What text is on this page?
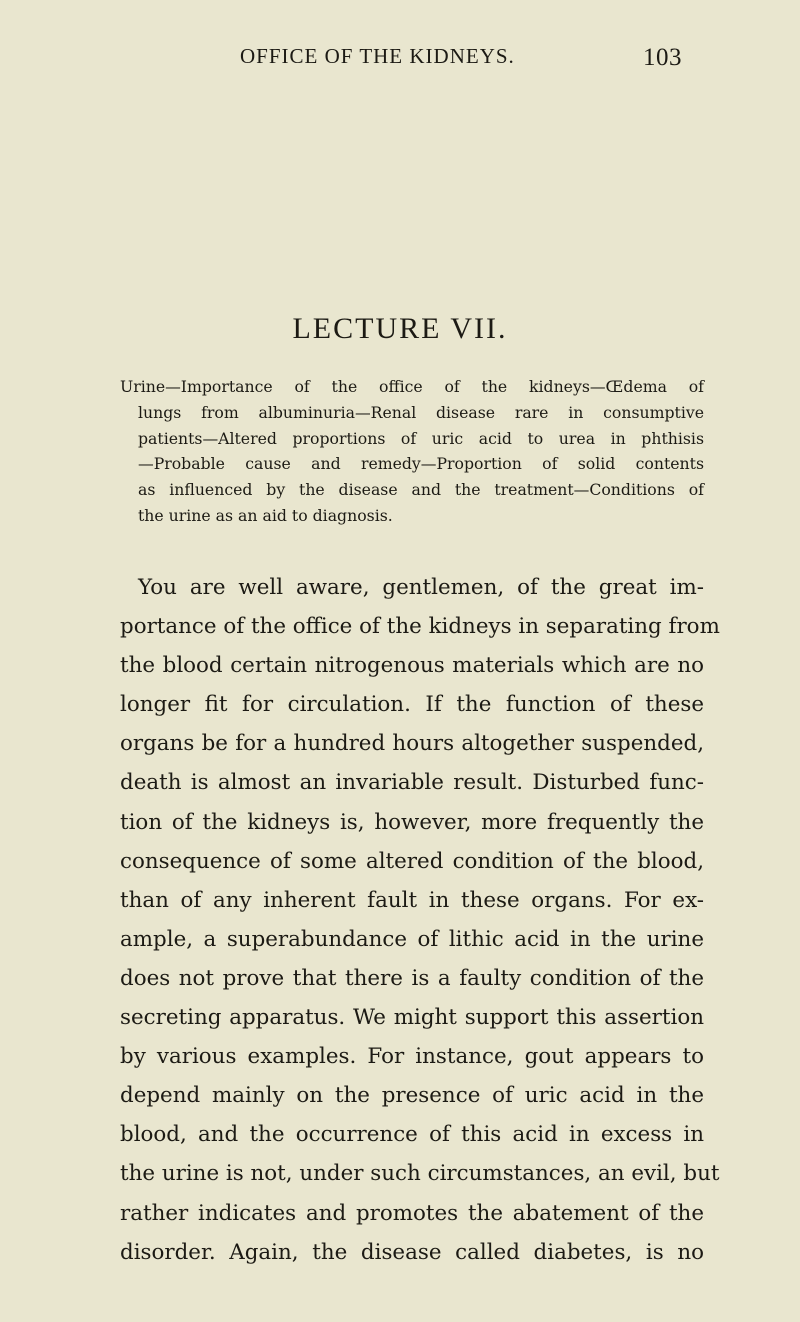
OFFICE OF THE KIDNEYS.	103
LECTURE VII.
Urine—Importance of the office of the kidneys—Œdema of
lungs from albuminuria—Renal disease rare in consumptive
patients—Altered proportions of uric acid to urea in phthisis
—Probable cause and remedy—Proportion of solid contents
as influenced by the disease and the treatment—Conditions of
the urine as an aid to diagnosis.
You are well aware, gentlemen, of the great im-
portance of the office of the kidneys in separating from
the blood certain nitrogenous materials which are no
longer fit for circulation. If the function of these
organs be for a hundred hours altogether suspended,
death is almost an invariable result. Disturbed func-
tion of the kidneys is, however, more frequently the
consequence of some altered condition of the blood,
than of any inherent fault in these organs. For ex-
ample, a superabundance of lithic acid in the urine
does not prove that there is a faulty condition of the
secreting apparatus. We might support this assertion
by various examples. For instance, gout appears to
depend mainly on the presence of uric acid in the
blood, and the occurrence of this acid in excess in
the urine is not, under such circumstances, an evil, but
rather indicates and promotes the abatement of the
disorder. Again, the disease called diabetes, is no
